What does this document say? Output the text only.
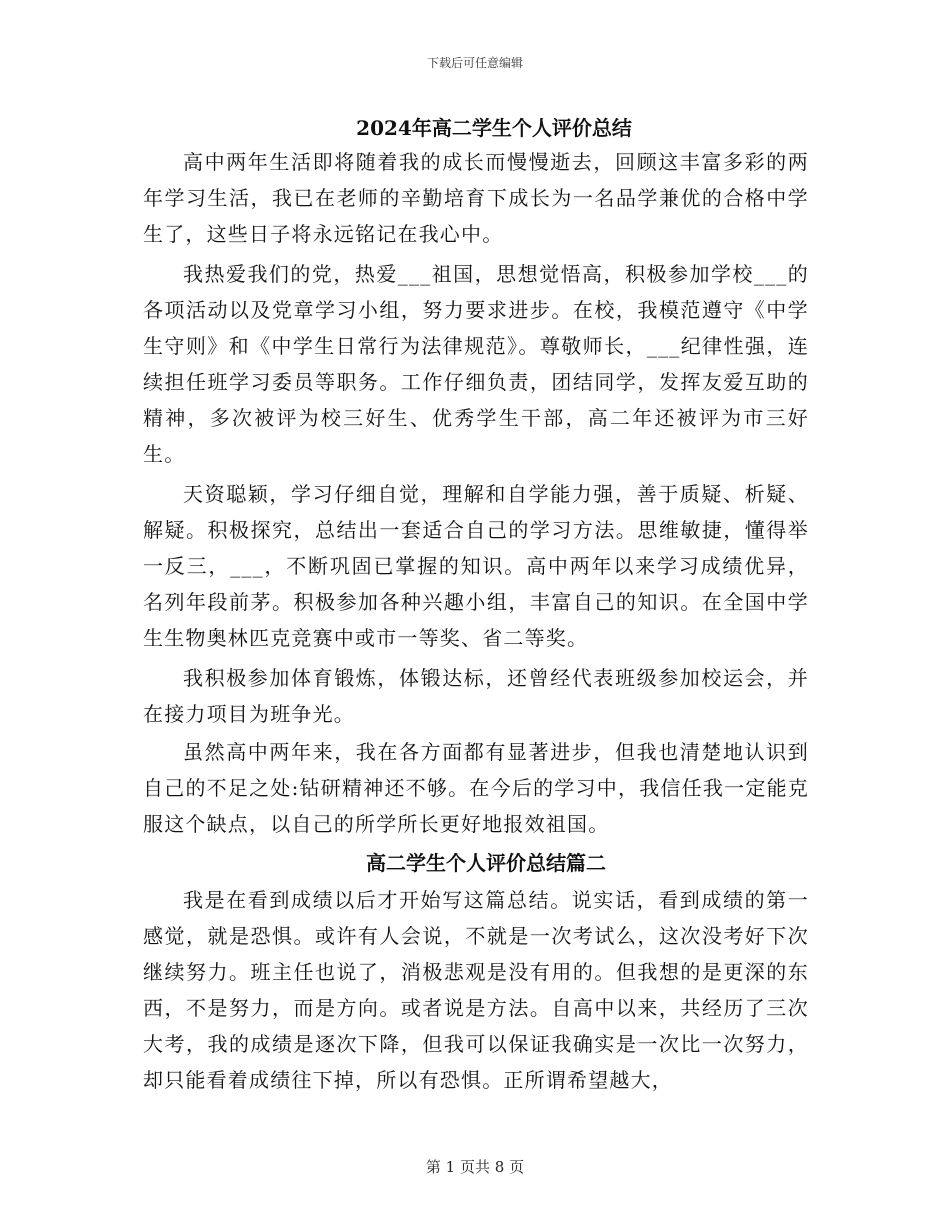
下载后可任意编辑
2024年高二学生个人评价总结

高中两年生活即将随着我的成长而慢慢逝去，回顾这丰富多彩的两年学习生活，我已在老师的辛勤培育下成长为一名品学兼优的合格中学生了，这些日子将永远铭记在我心中。

我热爱我们的党，热爱___祖国，思想觉悟高，积极参加学校___的各项活动以及党章学习小组，努力要求进步。在校，我模范遵守《中学生守则》和《中学生日常行为法律规范》。尊敬师长，___纪律性强，连续担任班学习委员等职务。工作仔细负责，团结同学，发挥友爱互助的精神，多次被评为校三好生、优秀学生干部，高二年还被评为市三好生。

天资聪颖，学习仔细自觉，理解和自学能力强，善于质疑、析疑、解疑。积极探究，总结出一套适合自己的学习方法。思维敏捷，懂得举一反三，___，不断巩固已掌握的知识。高中两年以来学习成绩优异，名列年段前茅。积极参加各种兴趣小组，丰富自己的知识。在全国中学生生物奥林匹克竞赛中或市一等奖、省二等奖。

我积极参加体育锻炼，体锻达标，还曾经代表班级参加校运会，并在接力项目为班争光。

虽然高中两年来，我在各方面都有显著进步，但我也清楚地认识到自己的不足之处:钻研精神还不够。在今后的学习中，我信任我一定能克服这个缺点，以自己的所学所长更好地报效祖国。

高二学生个人评价总结篇二

我是在看到成绩以后才开始写这篇总结。说实话，看到成绩的第一感觉，就是恐惧。或许有人会说，不就是一次考试么，这次没考好下次继续努力。班主任也说了，消极悲观是没有用的。但我想的是更深的东西，不是努力，而是方向。或者说是方法。自高中以来，共经历了三次大考，我的成绩是逐次下降，但我可以保证我确实是一次比一次努力，却只能看着成绩往下掉，所以有恐惧。正所谓希望越大，

第 1 页共 8 页
